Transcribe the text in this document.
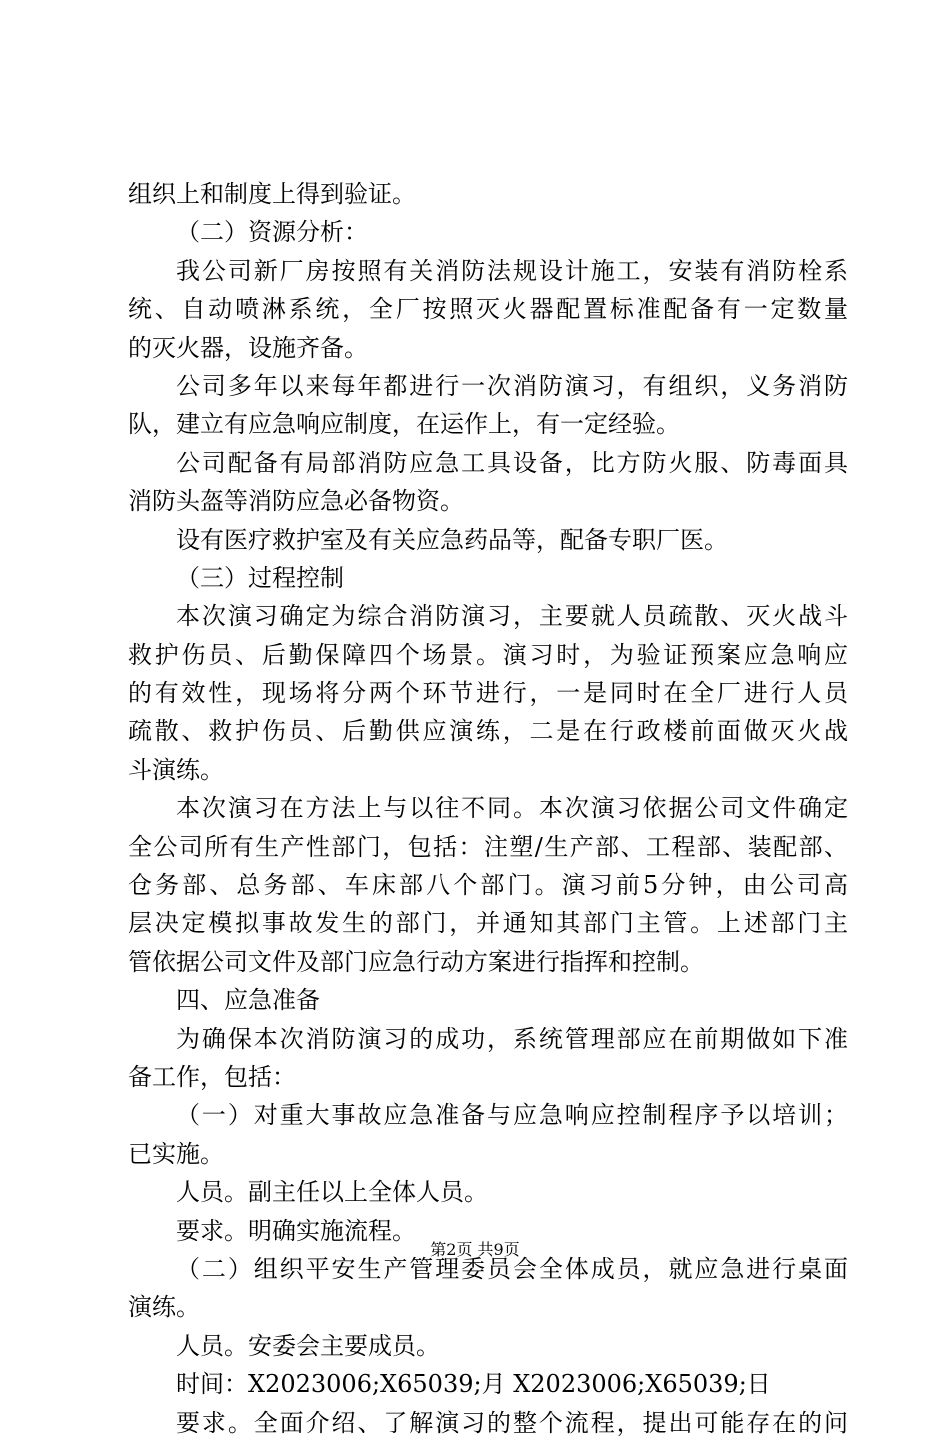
组织上和制度上得到验证。
（二）资源分析：
我公司新厂房按照有关消防法规设计施工，安装有消防栓系
统、自动喷淋系统，全厂按照灭火器配置标准配备有一定数量
的灭火器，设施齐备。
公司多年以来每年都进行一次消防演习，有组织，义务消防
队，建立有应急响应制度，在运作上，有一定经验。
公司配备有局部消防应急工具设备，比方防火服、防毒面具
消防头盔等消防应急必备物资。
设有医疗救护室及有关应急药品等，配备专职厂医。
（三）过程控制
本次演习确定为综合消防演习，主要就人员疏散、灭火战斗
救护伤员、后勤保障四个场景。演习时，为验证预案应急响应
的有效性，现场将分两个环节进行，一是同时在全厂进行人员
疏散、救护伤员、后勤供应演练，二是在行政楼前面做灭火战
斗演练。
本次演习在方法上与以往不同。本次演习依据公司文件确定
全公司所有生产性部门，包括：注塑/生产部、工程部、装配部、
仓务部、总务部、车床部八个部门。演习前5分钟，由公司高
层决定模拟事故发生的部门，并通知其部门主管。上述部门主
管依据公司文件及部门应急行动方案进行指挥和控制。
四、应急准备
为确保本次消防演习的成功，系统管理部应在前期做如下准
备工作，包括：
（一）对重大事故应急准备与应急响应控制程序予以培训；
已实施。
人员。副主任以上全体人员。
要求。明确实施流程。
（二）组织平安生产管理委员会全体成员，就应急进行桌面
演练。
人员。安委会主要成员。
时间：X2023006;X65039;月 X2023006;X65039;日
要求。全面介绍、了解演习的整个流程，提出可能存在的问
第2页 共9页
